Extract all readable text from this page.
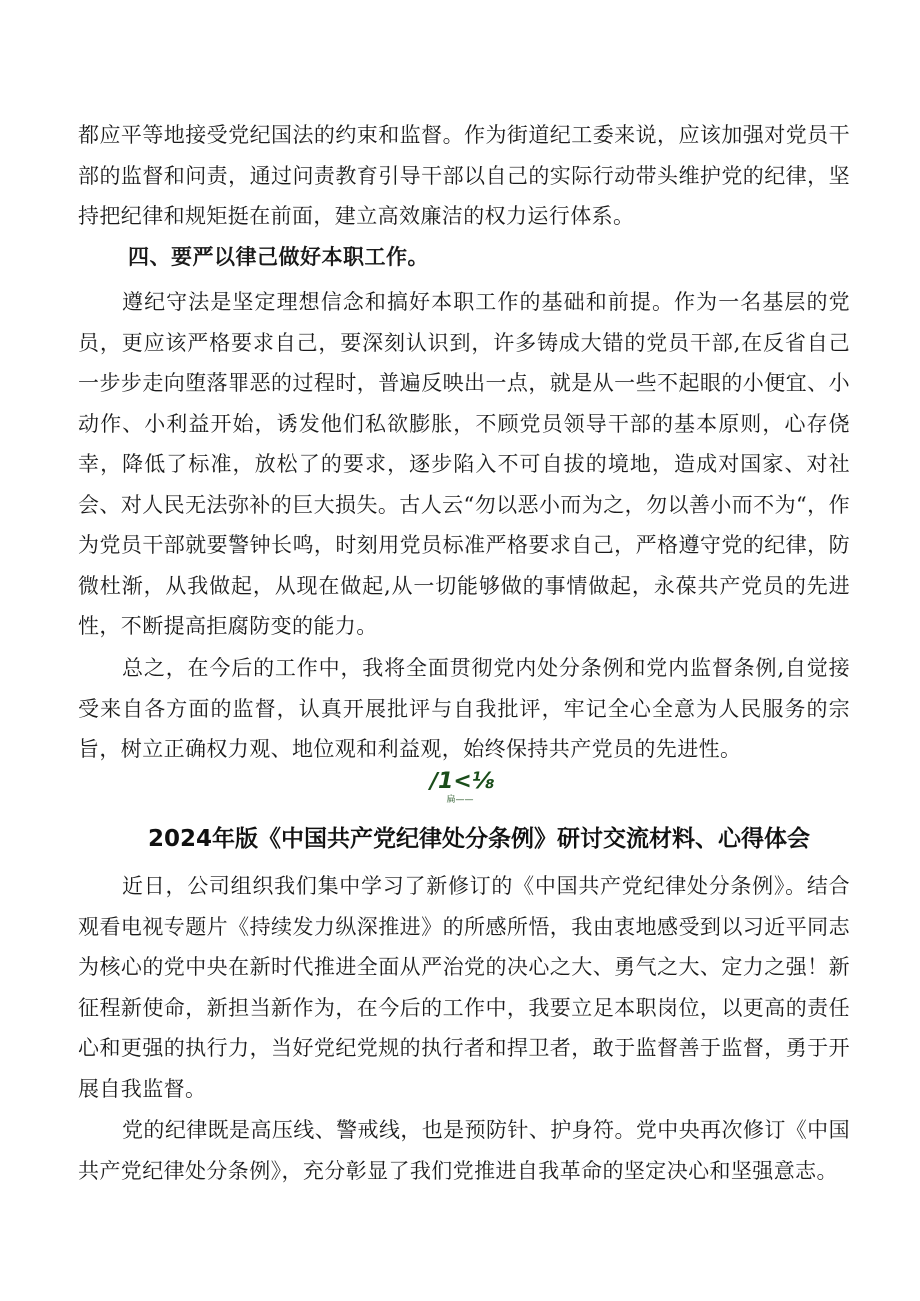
都应平等地接受党纪国法的约束和监督。作为街道纪工委来说，应该加强对党员干部的监督和问责，通过问责教育引导干部以自己的实际行动带头维护党的纪律，坚持把纪律和规矩挺在前面，建立高效廉洁的权力运行体系。

四、要严以律己做好本职工作。

遵纪守法是坚定理想信念和搞好本职工作的基础和前提。作为一名基层的党员，更应该严格要求自己，要深刻认识到，许多铸成大错的党员干部,在反省自己一步步走向堕落罪恶的过程时，普遍反映出一点，就是从一些不起眼的小便宜、小动作、小利益开始，诱发他们私欲膨胀，不顾党员领导干部的基本原则，心存侥幸，降低了标准，放松了的要求，逐步陷入不可自拔的境地，造成对国家、对社会、对人民无法弥补的巨大损失。古人云“勿以恶小而为之，勿以善小而不为“，作为党员干部就要警钟长鸣，时刻用党员标准严格要求自己，严格遵守党的纪律，防微杜渐，从我做起，从现在做起,从一切能够做的事情做起，永葆共产党员的先进性，不断提高拒腐防变的能力。

总之，在今后的工作中，我将全面贯彻党内处分条例和党内监督条例,自觉接受来自各方面的监督，认真开展批评与自我批评，牢记全心全意为人民服务的宗旨，树立正确权力观、地位观和利益观，始终保持共产党员的先进性。

∕1<⅛
扁——
2024年版《中国共产党纪律处分条例》研讨交流材料、心得体会

近日，公司组织我们集中学习了新修订的《中国共产党纪律处分条例》。结合观看电视专题片《持续发力纵深推进》的所感所悟，我由衷地感受到以习近平同志为核心的党中央在新时代推进全面从严治党的决心之大、勇气之大、定力之强！新征程新使命，新担当新作为，在今后的工作中，我要立足本职岗位，以更高的责任心和更强的执行力，当好党纪党规的执行者和捍卫者，敢于监督善于监督，勇于开展自我监督。

党的纪律既是高压线、警戒线，也是预防针、护身符。党中央再次修订《中国共产党纪律处分条例》，充分彰显了我们党推进自我革命的坚定决心和坚强意志。
